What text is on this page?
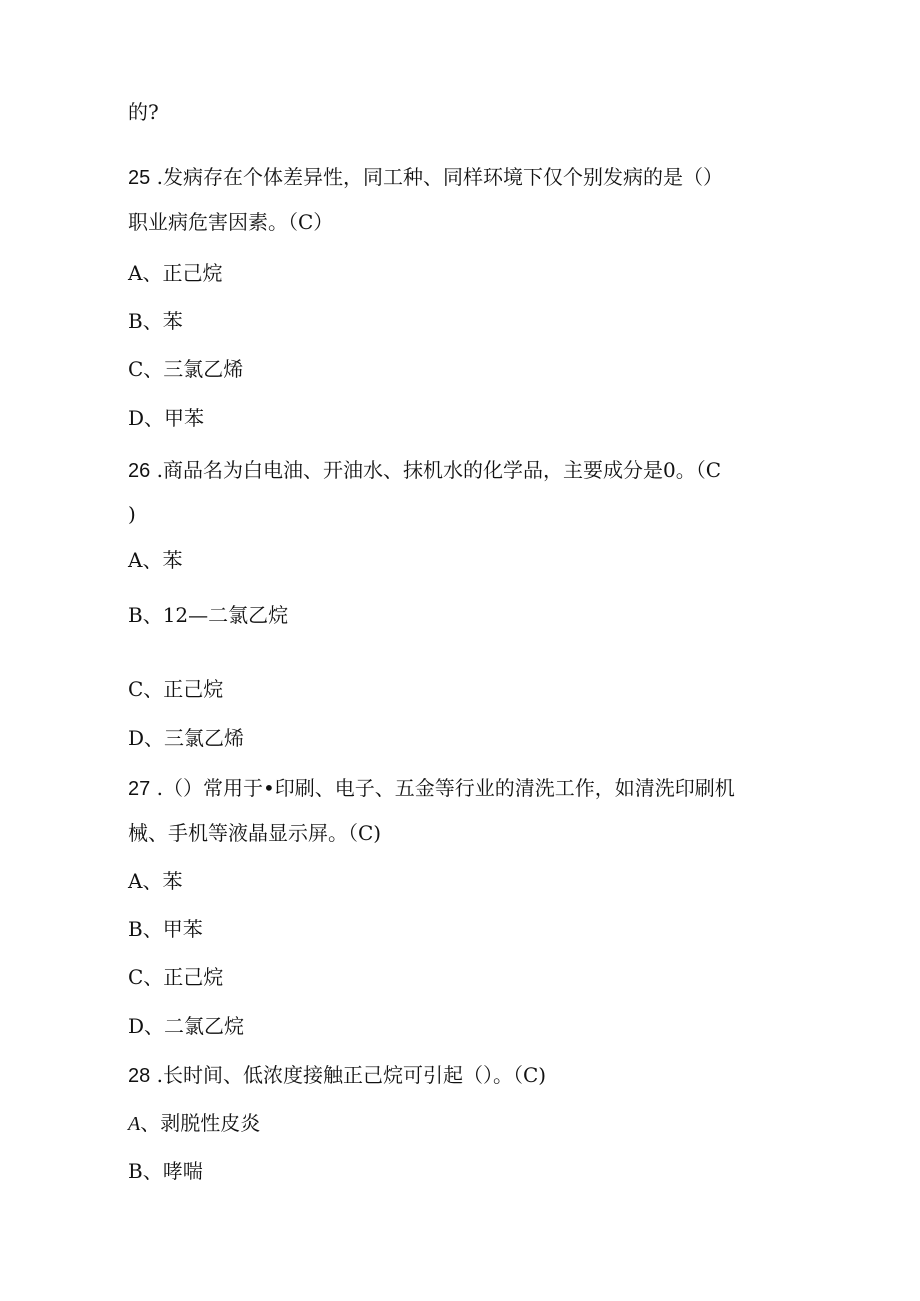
的?
25 .发病存在个体差异性，同工种、同样环境下仅个别发病的是（）
职业病危害因素。（C）
A、正己烷
B、苯
C、三氯乙烯
D、甲苯
26 .商品名为白电油、开油水、抹机水的化学品，主要成分是0。（C
)
A、苯
B、12—二氯乙烷
C、正己烷
D、三氯乙烯
27 .（）常用于•印刷、电子、五金等行业的清洗工作，如清洗印刷机
械、手机等液晶显示屏。（C)
A、苯
B、甲苯
C、正己烷
D、二氯乙烷
28 .长时间、低浓度接触正己烷可引起（）。（C)
A、剥脱性皮炎
B、哮喘
